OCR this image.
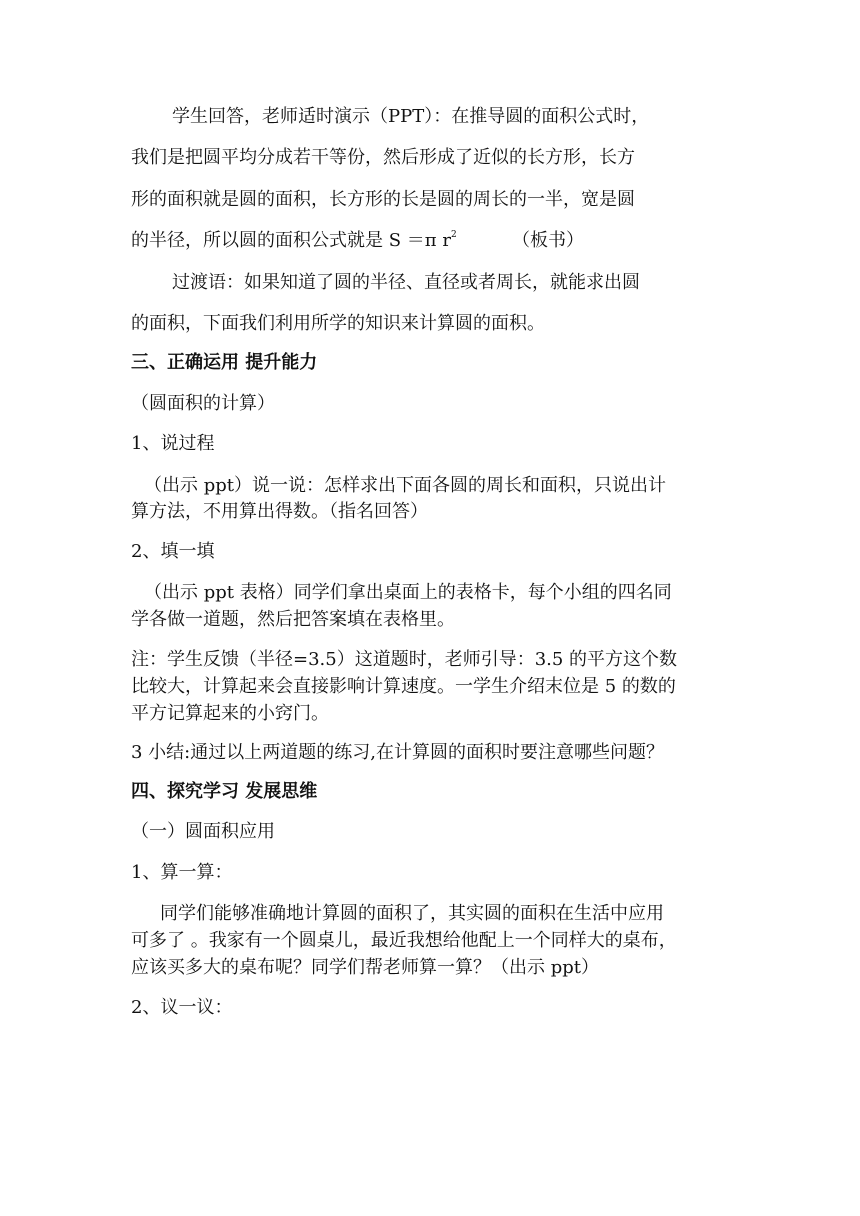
学生回答，老师适时演示（PPT）：在推导圆的面积公式时，
我们是把圆平均分成若干等份，然后形成了近似的长方形，长方
形的面积就是圆的面积，长方形的长是圆的周长的一半，宽是圆
的半径，所以圆的面积公式就是 S ＝π $r^2$	（板书）
过渡语：如果知道了圆的半径、直径或者周长，就能求出圆
的面积，下面我们利用所学的知识来计算圆的面积。
三、正确运用 提升能力
（圆面积的计算）
1、说过程
（出示 ppt）说一说：怎样求出下面各圆的周长和面积，只说出计
算方法，不用算出得数。（指名回答）
2、填一填
（出示 ppt 表格）同学们拿出桌面上的表格卡，每个小组的四名同
学各做一道题，然后把答案填在表格里。
注：学生反馈（半径=3.5）这道题时，老师引导：3.5 的平方这个数
比较大，计算起来会直接影响计算速度。一学生介绍末位是 5 的数的
平方记算起来的小窍门。
3 小结:通过以上两道题的练习,在计算圆的面积时要注意哪些问题？
四、探究学习 发展思维
（一）圆面积应用
1、算一算：
同学们能够准确地计算圆的面积了，其实圆的面积在生活中应用
可多了 。我家有一个圆桌儿，最近我想给他配上一个同样大的桌布，
应该买多大的桌布呢？同学们帮老师算一算？（出示 ppt）
2、议一议：
